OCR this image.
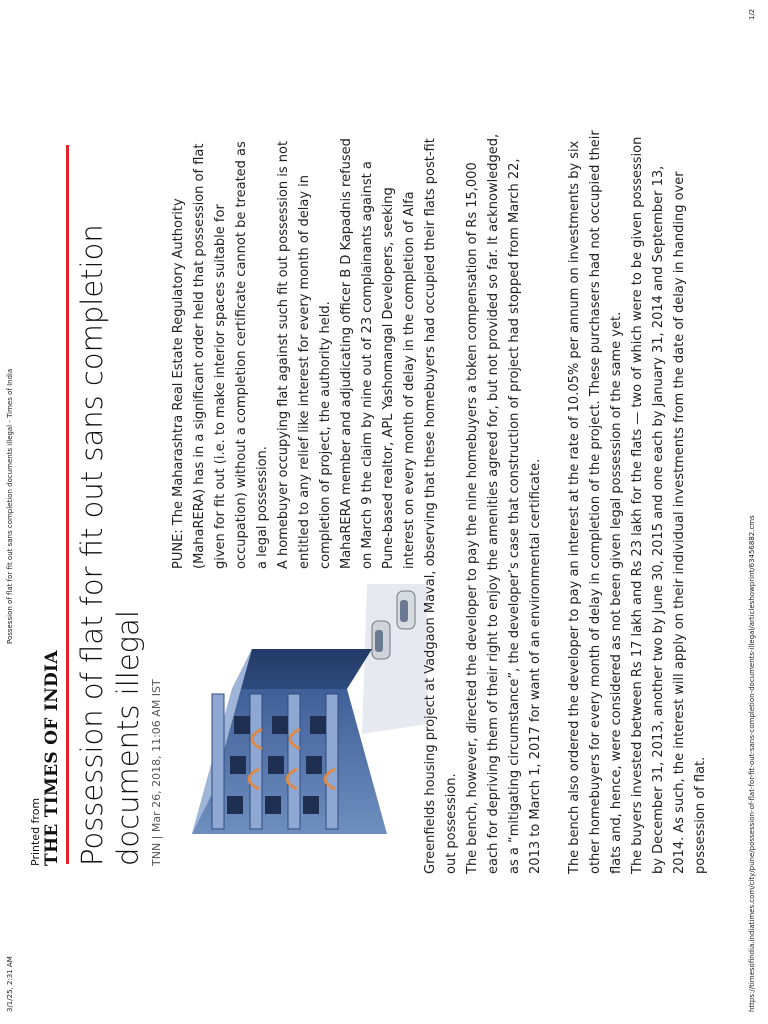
3/1/25, 2:31 AM
Possession of flat for fit out sans completion documents illegal - Times of India
Printed from THE TIMES OF INDIA Possession of flat for fit out sans completion documents illegal TNN | Mar 26, 2018, 11:06 AM IST

PUNE: The Maharashtra Real Estate Regulatory Authority (MahaRERA) has in a significant order held that possession of flat given for fit out (i.e. to make interior spaces suitable for occupation) without a completion certificate cannot be treated as a legal possession. A homebuyer occupying flat against such fit out possession is not entitled to any relief like interest for every month of delay in completion of project, the authority held. MahaRERA member and adjudicating officer B D Kapadnis refused on March 9 the claim by nine out of 23 complainants against a Pune-based realtor, APL Yashomangal Developers, seeking interest on every month of delay in the completion of Alfa Greenfields housing project at Vadgaon Maval, observing that these homebuyers had occupied their flats post-fit out possession. The bench, however, directed the developer to pay the nine homebuyers a token compensation of Rs 15,000 each for depriving them of their right to enjoy the amenities agreed for, but not provided so far. It acknowledged, as a “mitigating circumstance”, the developer’s case that construction of project had stopped from March 22, 2013 to March 1, 2017 for want of an environmental certificate. The bench also ordered the developer to pay an interest at the rate of 10.05% per annum on investments by six other homebuyers for every month of delay in completion of the project. These purchasers had not occupied their flats and, hence, were considered as not been given legal possession of the same yet. The buyers invested between Rs 17 lakh and Rs 23 lakh for the flats — two of which were to be given possession by December 31, 2013, another two by June 30, 2015 and one each by January 31, 2014 and September 13, 2014. As such, the interest will apply on their individual investments from the date of delay in handing over possession of flat.	https://timesofindia.indiatimes.com/city/pune/possession-of-flat-for-fit-out-sans-completion-documents-illegal/articleshowprint/63456882.cms
1/2
